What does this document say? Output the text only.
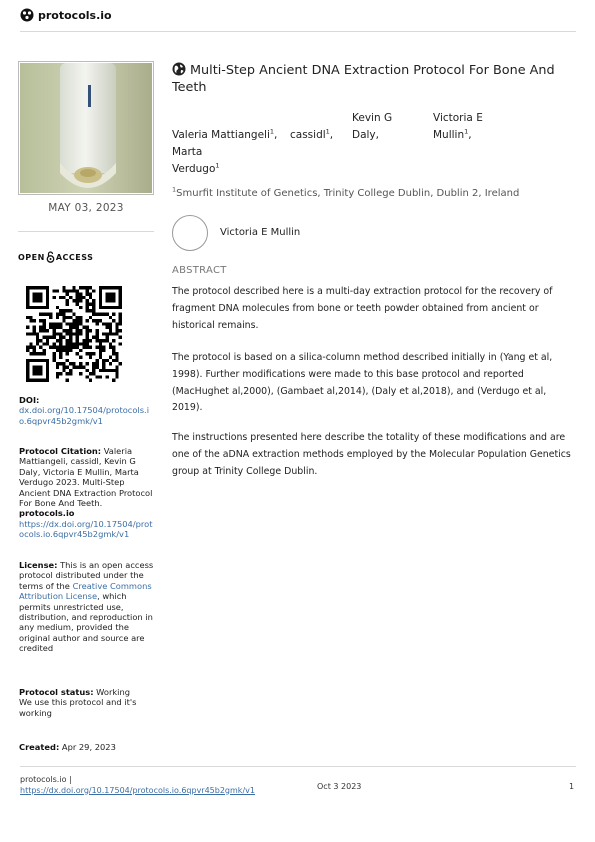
protocols.io
MAY 03, 2023
OPEN ACCESS
DOI:
dx.doi.org/10.17504/protocols.io.6qpvr45b2gmk/v1
Protocol Citation: Valeria Mattiangeli, cassidl, Kevin G Daly, Victoria E Mullin, Marta Verdugo 2023. Multi-Step Ancient DNA Extraction Protocol For Bone And Teeth. protocols.io
https://dx.doi.org/10.17504/protocols.io.6qpvr45b2gmk/v1
License: This is an open access protocol distributed under the terms of the Creative Commons Attribution License, which permits unrestricted use, distribution, and reproduction in any medium, provided the original author and source are credited
Protocol status: Working
We use this protocol and it's working
Created: Apr 29, 2023
Multi-Step Ancient DNA Extraction Protocol For Bone And Teeth
Valeria Mattiangeli$^1$, cassidl$^1$,
Kevin G
Daly,
Victoria E
Mullin$^1$,
Marta
Verdugo$^1$
$^1$Smurfit Institute of Genetics, Trinity College Dublin, Dublin 2, Ireland
Victoria E Mullin
ABSTRACT

The protocol described here is a multi-day extraction protocol for the recovery of fragment DNA molecules from bone or teeth powder obtained from ancient or historical remains.

The protocol is based on a silica-column method described initially in (Yang et al, 1998). Further modifications were made to this base protocol and reported (MacHughet al,2000), (Gambaet al,2014), (Daly et al,2018), and (Verdugo et al, 2019).

The instructions presented here describe the totality of these modifications and are one of the aDNA extraction methods employed by the Molecular Population Genetics group at Trinity College Dublin.

protocols.io |
https://dx.doi.org/10.17504/protocols.io.6qpvr45b2gmk/v1	Oct 3 2023	1
